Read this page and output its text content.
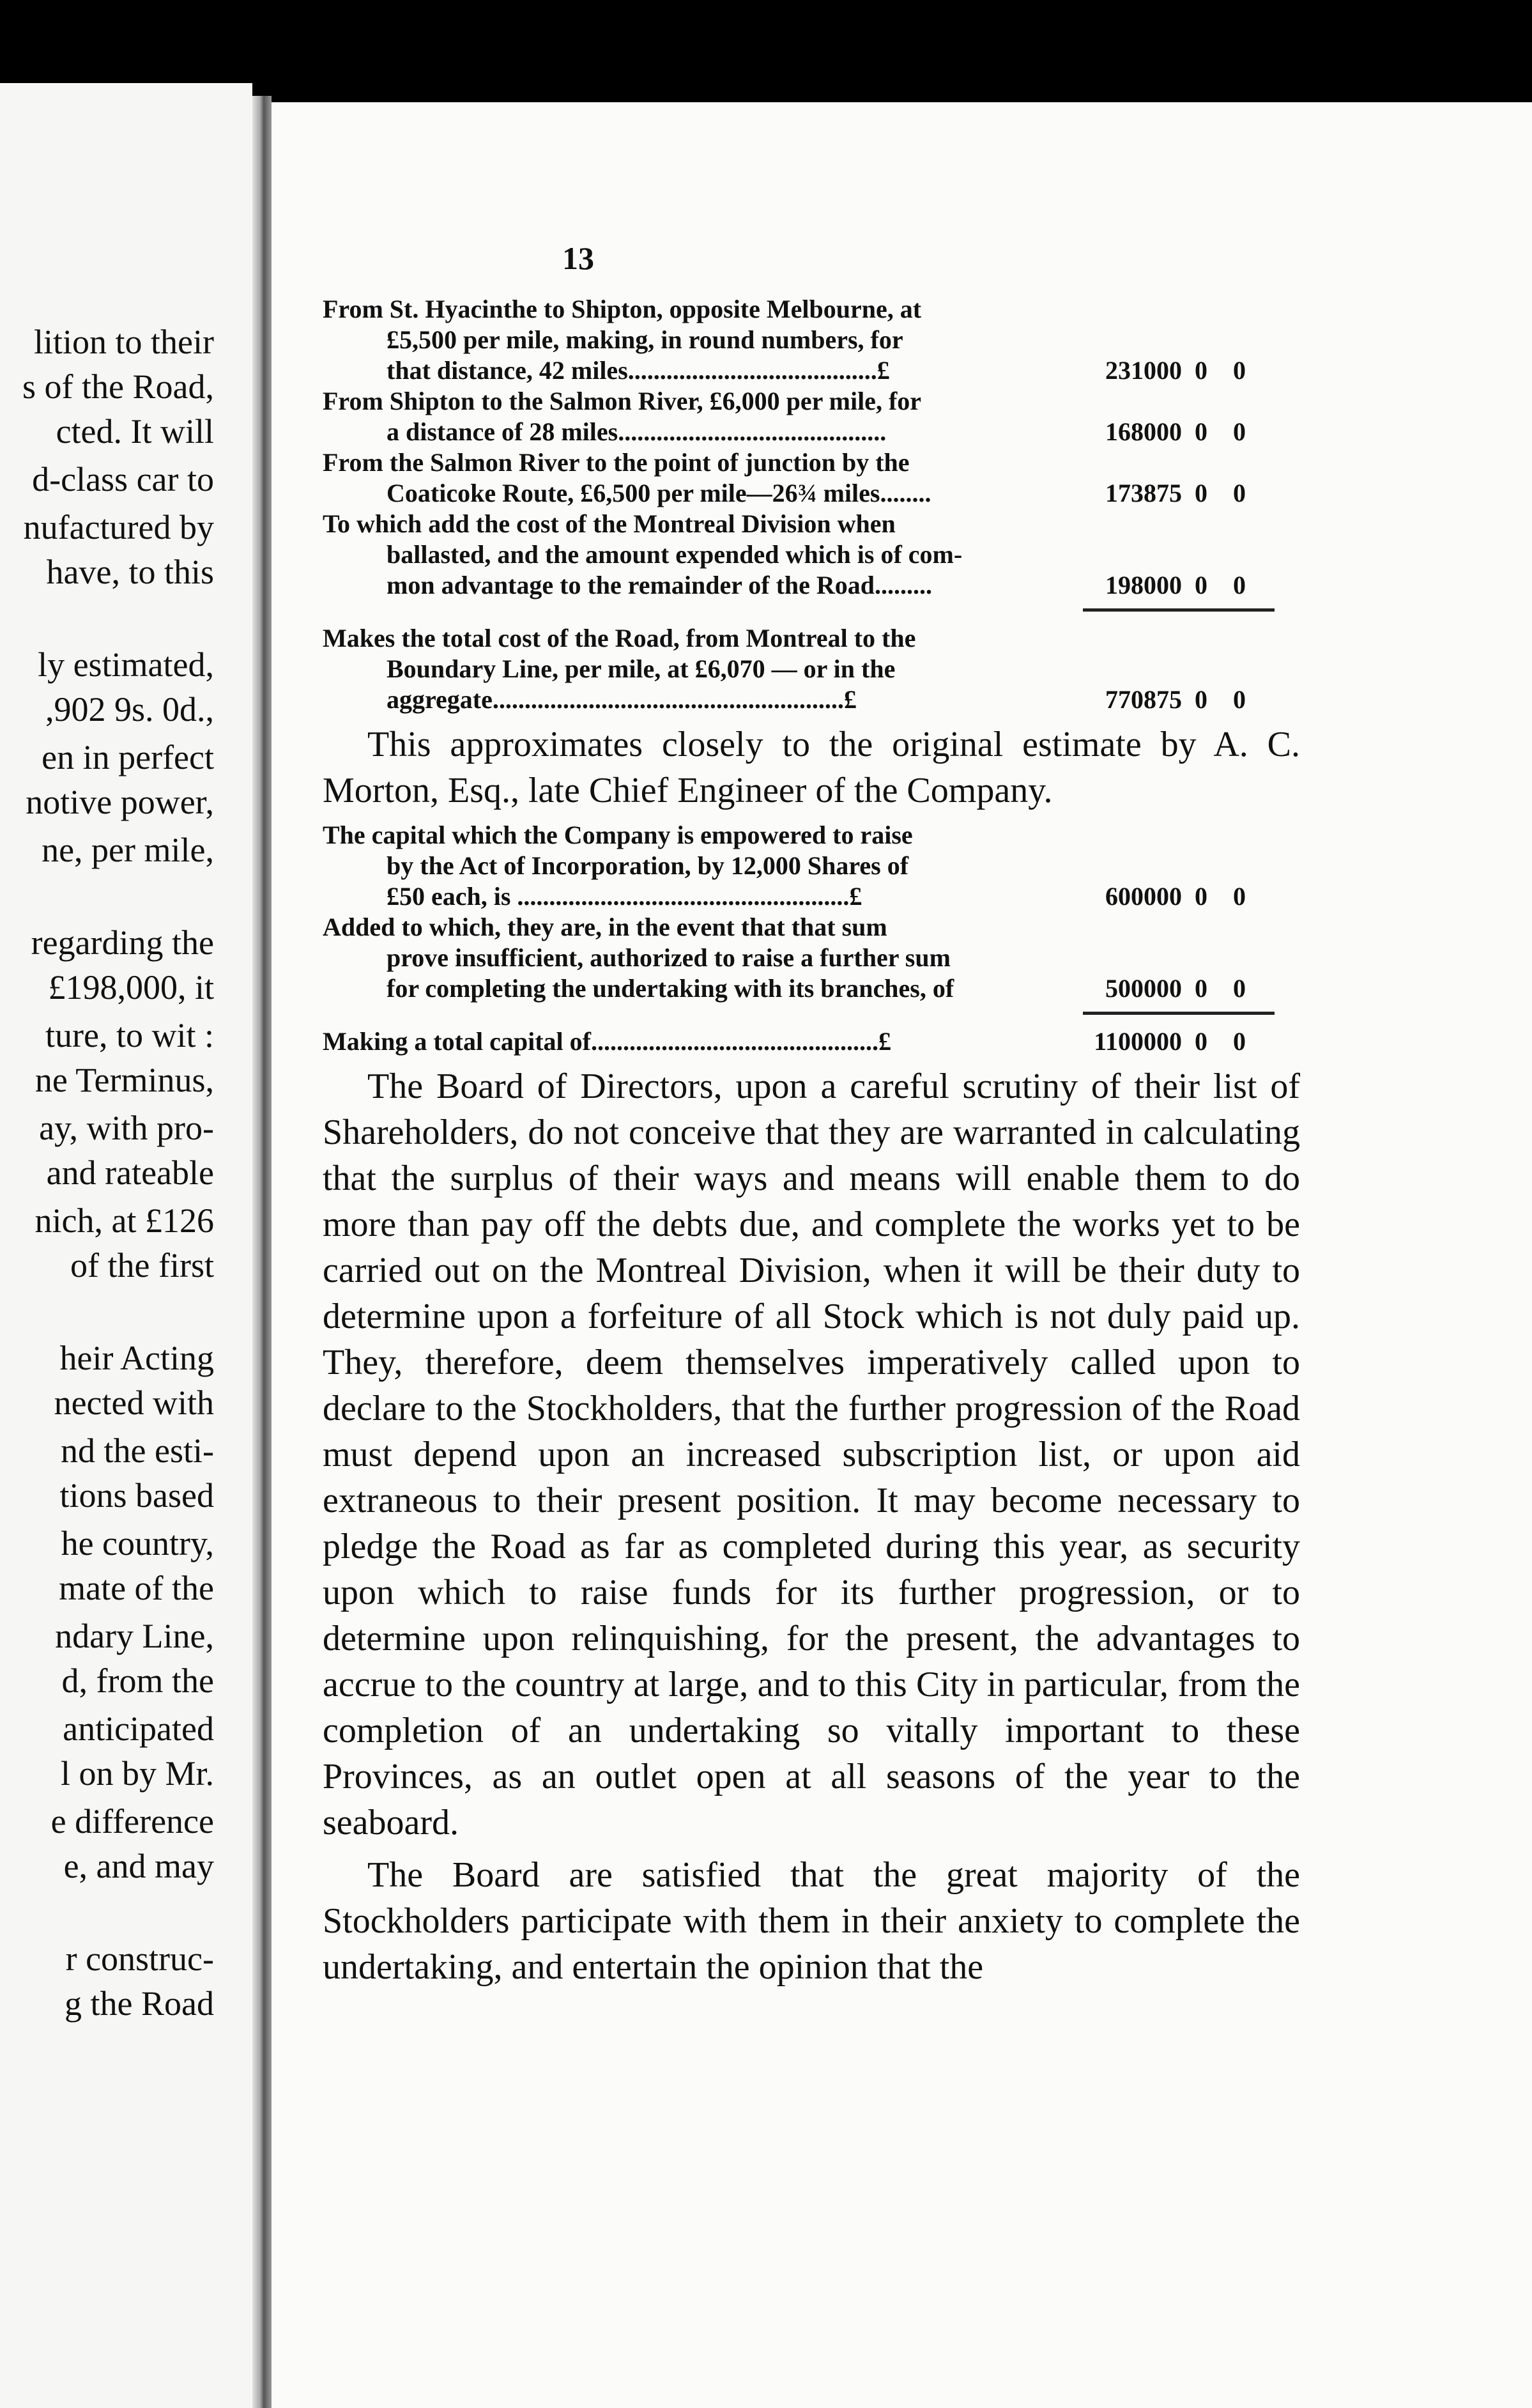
lition to their
s of the Road,
cted. It will
d-class car to
nufactured by
have, to this
ly estimated,
,902 9s. 0d.,
en in perfect
notive power,
ne, per mile,
regarding the
£198,000, it
ture, to wit :
ne Terminus,
ay, with pro-
and rateable
nich, at £126
of the first
heir Acting
nected with
nd the esti-
tions based
he country,
mate of the
ndary Line,
d, from the
anticipated
l on by Mr.
e difference
e, and may
r construc-
g the Road
13
From St. Hyacinthe to Shipton, opposite Melbourne, at
£5,500 per mile, making, in round numbers, for
that distance, 42 miles.......................................£	231000 0	0
From Shipton to the Salmon River, £6,000 per mile, for
a distance of 28 miles..........................................	168000 0	0
From the Salmon River to the point of junction by the
Coaticoke Route, £6,500 per mile—26¾ miles........	173875 0	0
To which add the cost of the Montreal Division when
ballasted, and the amount expended which is of com-
mon advantage to the remainder of the Road.........	198000 0	0
Makes the total cost of the Road, from Montreal to the
Boundary Line, per mile, at £6,070 — or in the
aggregate.......................................................£	770875 0	0

This approximates closely to the original estimate by A. C. Morton, Esq., late Chief Engineer of the Company.

The capital which the Company is empowered to raise
by the Act of Incorporation, by 12,000 Shares of
£50 each, is ....................................................£	600000 0	0
Added to which, they are, in the event that that sum
prove insufficient, authorized to raise a further sum
for completing the undertaking with its branches, of	500000 0	0
Making a total capital of.............................................£	1100000 0	0

The Board of Directors, upon a careful scrutiny of their list of Shareholders, do not conceive that they are warranted in calculating that the surplus of their ways and means will enable them to do more than pay off the debts due, and complete the works yet to be carried out on the Montreal Division, when it will be their duty to determine upon a forfeiture of all Stock which is not duly paid up. They, therefore, deem themselves imperatively called upon to declare to the Stockholders, that the further progression of the Road must depend upon an increased subscription list, or upon aid extraneous to their present position. It may become necessary to pledge the Road as far as completed during this year, as security upon which to raise funds for its further progression, or to determine upon relinquishing, for the present, the advantages to accrue to the country at large, and to this City in particular, from the completion of an undertaking so vitally important to these Provinces, as an outlet open at all seasons of the year to the seaboard.

The Board are satisfied that the great majority of the Stockholders participate with them in their anxiety to complete the undertaking, and entertain the opinion that the
